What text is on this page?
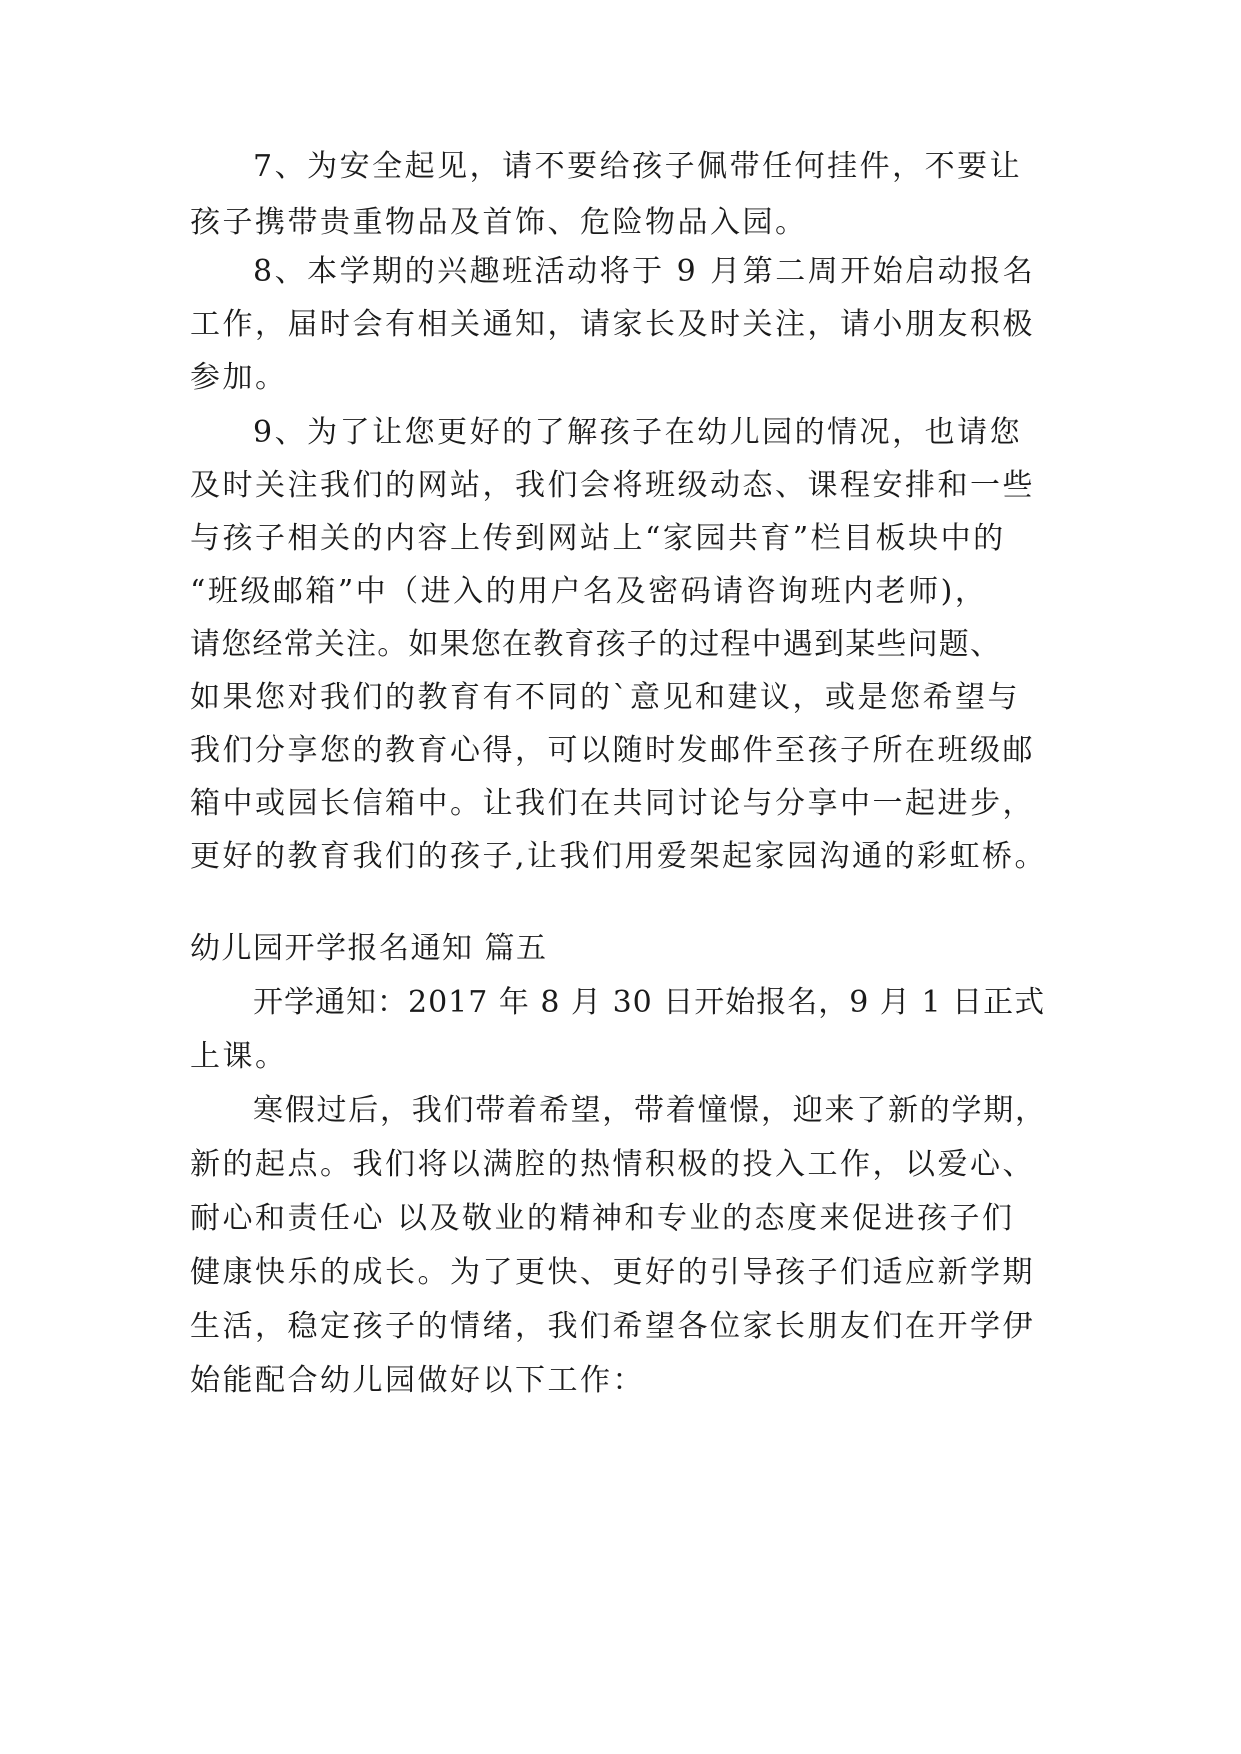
7、为安全起见，请不要给孩子佩带任何挂件，不要让
孩子携带贵重物品及首饰、危险物品入园。
8、本学期的兴趣班活动将于 9 月第二周开始启动报名
工作，届时会有相关通知，请家长及时关注，请小朋友积极
参加。
9、为了让您更好的了解孩子在幼儿园的情况，也请您
及时关注我们的网站，我们会将班级动态、课程安排和一些
与孩子相关的内容上传到网站上“家园共育”栏目板块中的
“班级邮箱”中（进入的用户名及密码请咨询班内老师)，
请您经常关注。如果您在教育孩子的过程中遇到某些问题、
如果您对我们的教育有不同的`意见和建议，或是您希望与
我们分享您的教育心得，可以随时发邮件至孩子所在班级邮
箱中或园长信箱中。让我们在共同讨论与分享中一起进步，
更好的教育我们的孩子,让我们用爱架起家园沟通的彩虹桥。
幼儿园开学报名通知 篇五
开学通知：2017 年 8 月 30 日开始报名，9 月 1 日正式
上课。
寒假过后，我们带着希望，带着憧憬，迎来了新的学期，
新的起点。我们将以满腔的热情积极的投入工作，以爱心、
耐心和责任心 以及敬业的精神和专业的态度来促进孩子们
健康快乐的成长。为了更快、更好的引导孩子们适应新学期
生活，稳定孩子的情绪，我们希望各位家长朋友们在开学伊
始能配合幼儿园做好以下工作：
